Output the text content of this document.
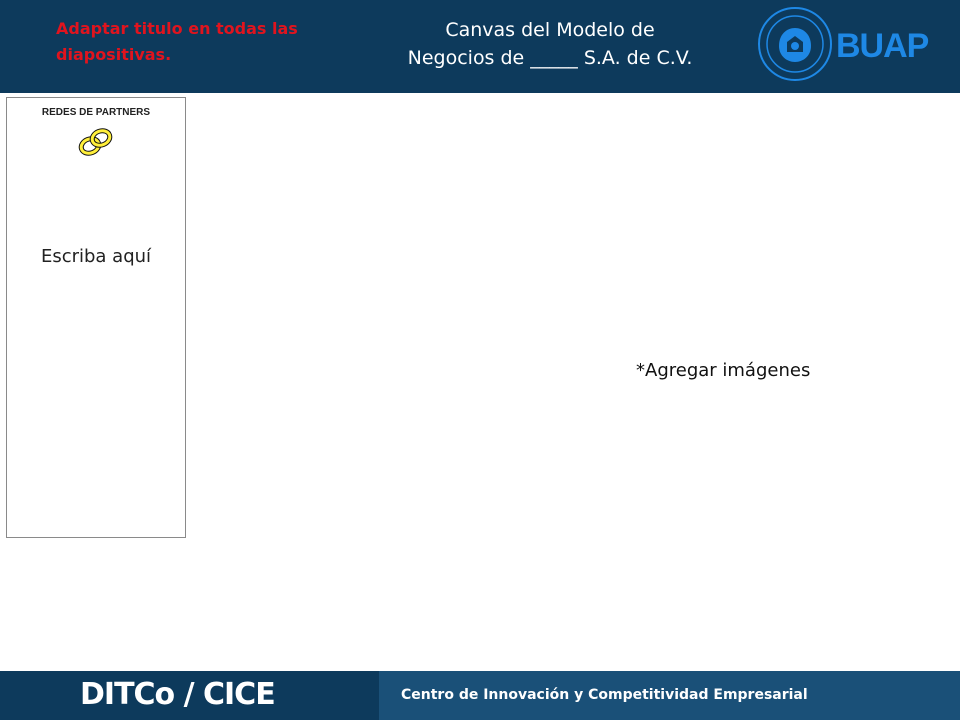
Adaptar titulo en todas las diapositivas.
Canvas del Modelo de
Negocios de _____ S.A. de C.V.	BUAP
REDES DE PARTNERS
Escriba aquí
*Agregar imágenes
DITCo / CICE	Centro de Innovación y Competitividad Empresarial
